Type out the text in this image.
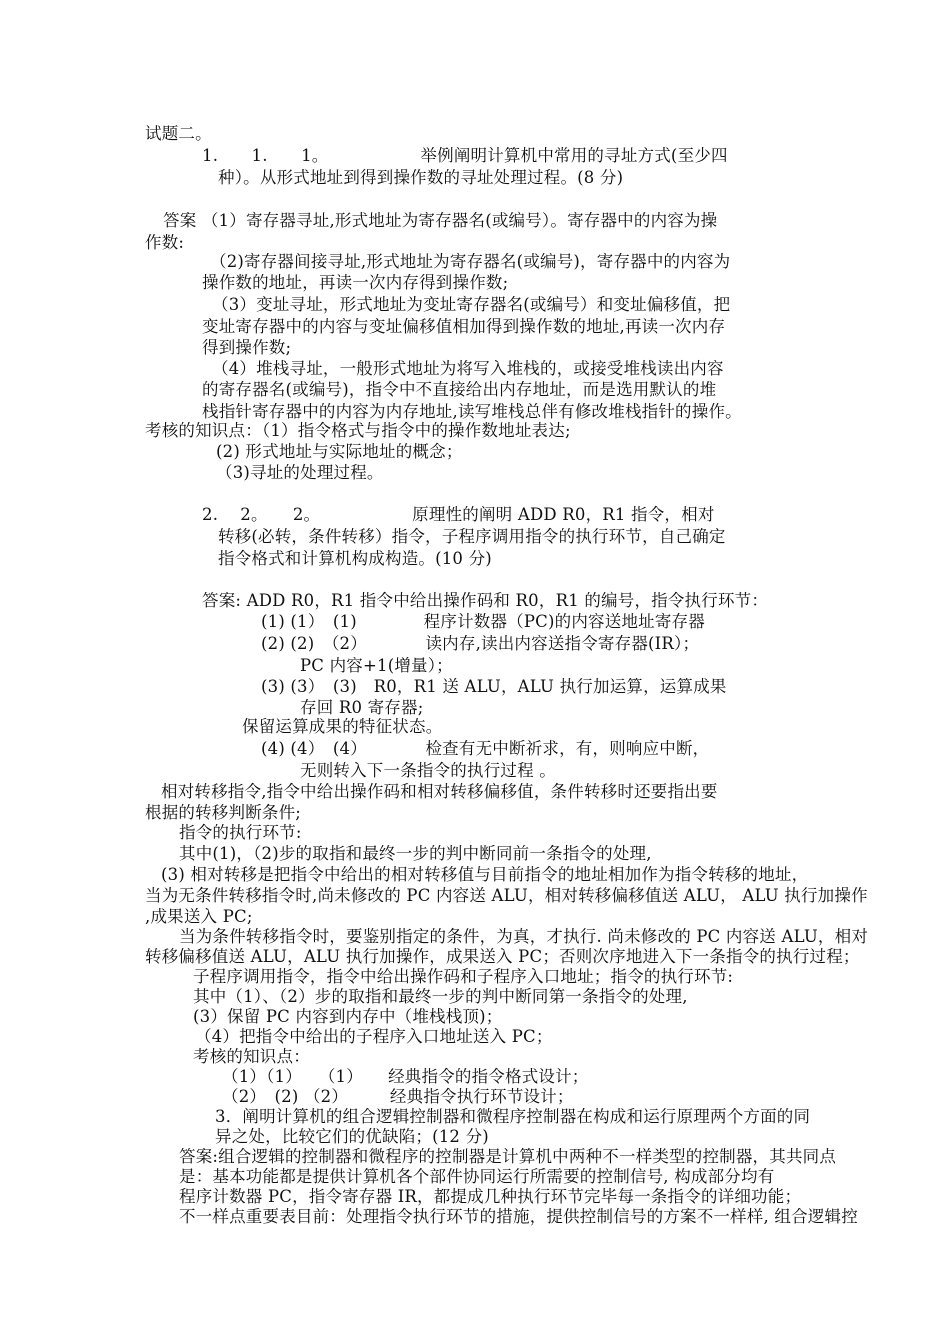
试题二。
1.　　1.　　1。　　　　　　举例阐明计算机中常用的寻址方式(至少四
种）。从形式地址到得到操作数的寻址处理过程。(8 分)
答案 （1）寄存器寻址,形式地址为寄存器名(或编号）。寄存器中的内容为操
作数:
（2)寄存器间接寻址,形式地址为寄存器名(或编号)，寄存器中的内容为
操作数的地址，再读一次内存得到操作数;
（3）变址寻址，形式地址为变址寄存器名(或编号）和变址偏移值，把
变址寄存器中的内容与变址偏移值相加得到操作数的地址,再读一次内存
得到操作数;
（4）堆栈寻址，一般形式地址为将写入堆栈的，或接受堆栈读出内容
的寄存器名(或编号)，指令中不直接给出内存地址，而是选用默认的堆
栈指针寄存器中的内容为内存地址,读写堆栈总伴有修改堆栈指针的操作。
考核的知识点：（1）指令格式与指令中的操作数地址表达;
(2) 形式地址与实际地址的概念；
（3)寻址的处理过程。
2.　 2。　　2。　　　　　　原理性的阐明 ADD R0，R1 指令，相对
转移(必转，条件转移）指令，子程序调用指令的执行环节，自己确定
指令格式和计算机构成构造。(10 分)
答案: ADD R0，R1 指令中给出操作码和 R0，R1 的编号，指令执行环节：
(1) (1）　(1)　　　　程序计数器（PC)的内容送地址寄存器
(2) (2)　（2）　　　　读内存,读出内容送指令寄存器(IR）；
PC 内容+1(增量）；
(3) (3）　(3)　R0，R1 送 ALU，ALU 执行加运算，运算成果
存回 R0 寄存器;
保留运算成果的特征状态。
(4) (4）　(4）　　　　检查有无中断祈求，有，则响应中断，
无则转入下一条指令的执行过程 。
相对转移指令,指令中给出操作码和相对转移偏移值，条件转移时还要指出要
根据的转移判断条件;
指令的执行环节:
其中(1)，（2)步的取指和最终一步的判中断同前一条指令的处理,
(3) 相对转移是把指令中给出的相对转移值与目前指令的地址相加作为指令转移的地址，
当为无条件转移指令时,尚未修改的 PC 内容送 ALU，相对转移偏移值送 ALU， ALU 执行加操作
,成果送入 PC;
当为条件转移指令时，要鉴别指定的条件，为真，才执行. 尚未修改的 PC 内容送 ALU，相对
转移偏移值送 ALU，ALU 执行加操作，成果送入 PC；否则次序地进入下一条指令的执行过程；
子程序调用指令，指令中给出操作码和子程序入口地址；指令的执行环节:
其中（1）、（2）步的取指和最终一步的判中断同第一条指令的处理,
(3）保留 PC 内容到内存中（堆栈栈顶)；
（4）把指令中给出的子程序入口地址送入 PC；
考核的知识点：
（1）（1）　　（1）　　经典指令的指令格式设计；
（2）　(2) （2）　　　经典指令执行环节设计；
3．阐明计算机的组合逻辑控制器和微程序控制器在构成和运行原理两个方面的同
异之处，比较它们的优缺陷；(12 分)
答案:组合逻辑的控制器和微程序的控制器是计算机中两种不一样类型的控制器，其共同点
是：基本功能都是提供计算机各个部件协同运行所需要的控制信号, 构成部分均有
程序计数器 PC，指令寄存器 IR，都提成几种执行环节完毕每一条指令的详细功能；
不一样点重要表目前：处理指令执行环节的措施，提供控制信号的方案不一样样, 组合逻辑控
